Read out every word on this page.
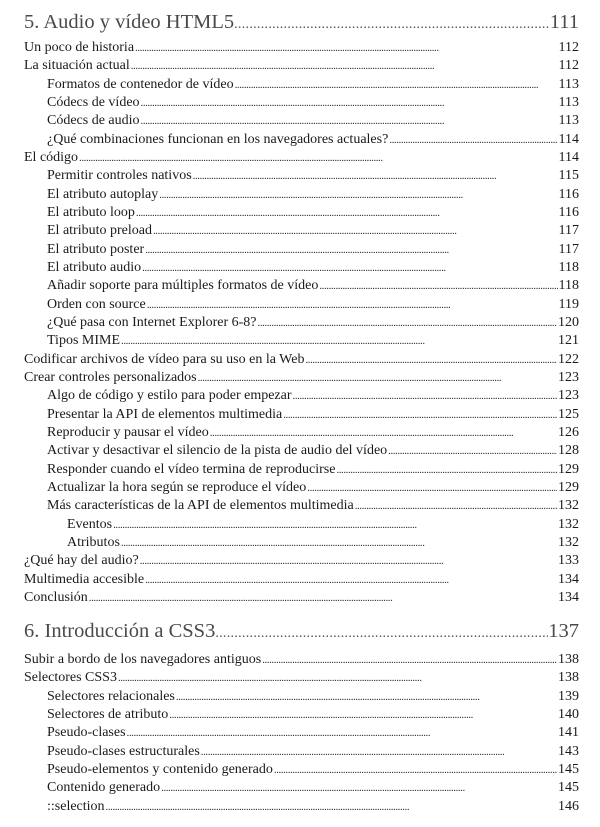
5. Audio y vídeo HTML5 . . .	111
Un poco de historia . . .	112
La situación actual . . .	112
Formatos de contenedor de vídeo . . .	113
Códecs de vídeo . . .	113
Códecs de audio . . .	113
¿Qué combinaciones funcionan en los navegadores actuales? . . .	114
El código . . .	114
Permitir controles nativos . . .	115
El atributo autoplay . . .	116
El atributo loop . . .	116
El atributo preload . . .	117
El atributo poster . . .	117
El atributo audio . . .	118
Añadir soporte para múltiples formatos de vídeo . . .	118
Orden con source . . .	119
¿Qué pasa con Internet Explorer 6-8? . . .	120
Tipos MIME . . .	121
Codificar archivos de vídeo para su uso en la Web . . .	122
Crear controles personalizados . . .	123
Algo de código y estilo para poder empezar . . .	123
Presentar la API de elementos multimedia . . .	125
Reproducir y pausar el vídeo . . .	126
Activar y desactivar el silencio de la pista de audio del vídeo . . .	128
Responder cuando el vídeo termina de reproducirse . . .	129
Actualizar la hora según se reproduce el vídeo . . .	129
Más características de la API de elementos multimedia . . .	132
Eventos . . .	132
Atributos . . .	132
¿Qué hay del audio? . . .	133
Multimedia accesible . . .	134
Conclusión . . .	134
6. Introducción a CSS3 . . .	137
Subir a bordo de los navegadores antiguos . . .	138
Selectores CSS3 . . .	138
Selectores relacionales . . .	139
Selectores de atributo . . .	140
Pseudo-clases . . .	141
Pseudo-clases estructurales . . .	143
Pseudo-elementos y contenido generado . . .	145
Contenido generado . . .	145
::selection . . .	146
